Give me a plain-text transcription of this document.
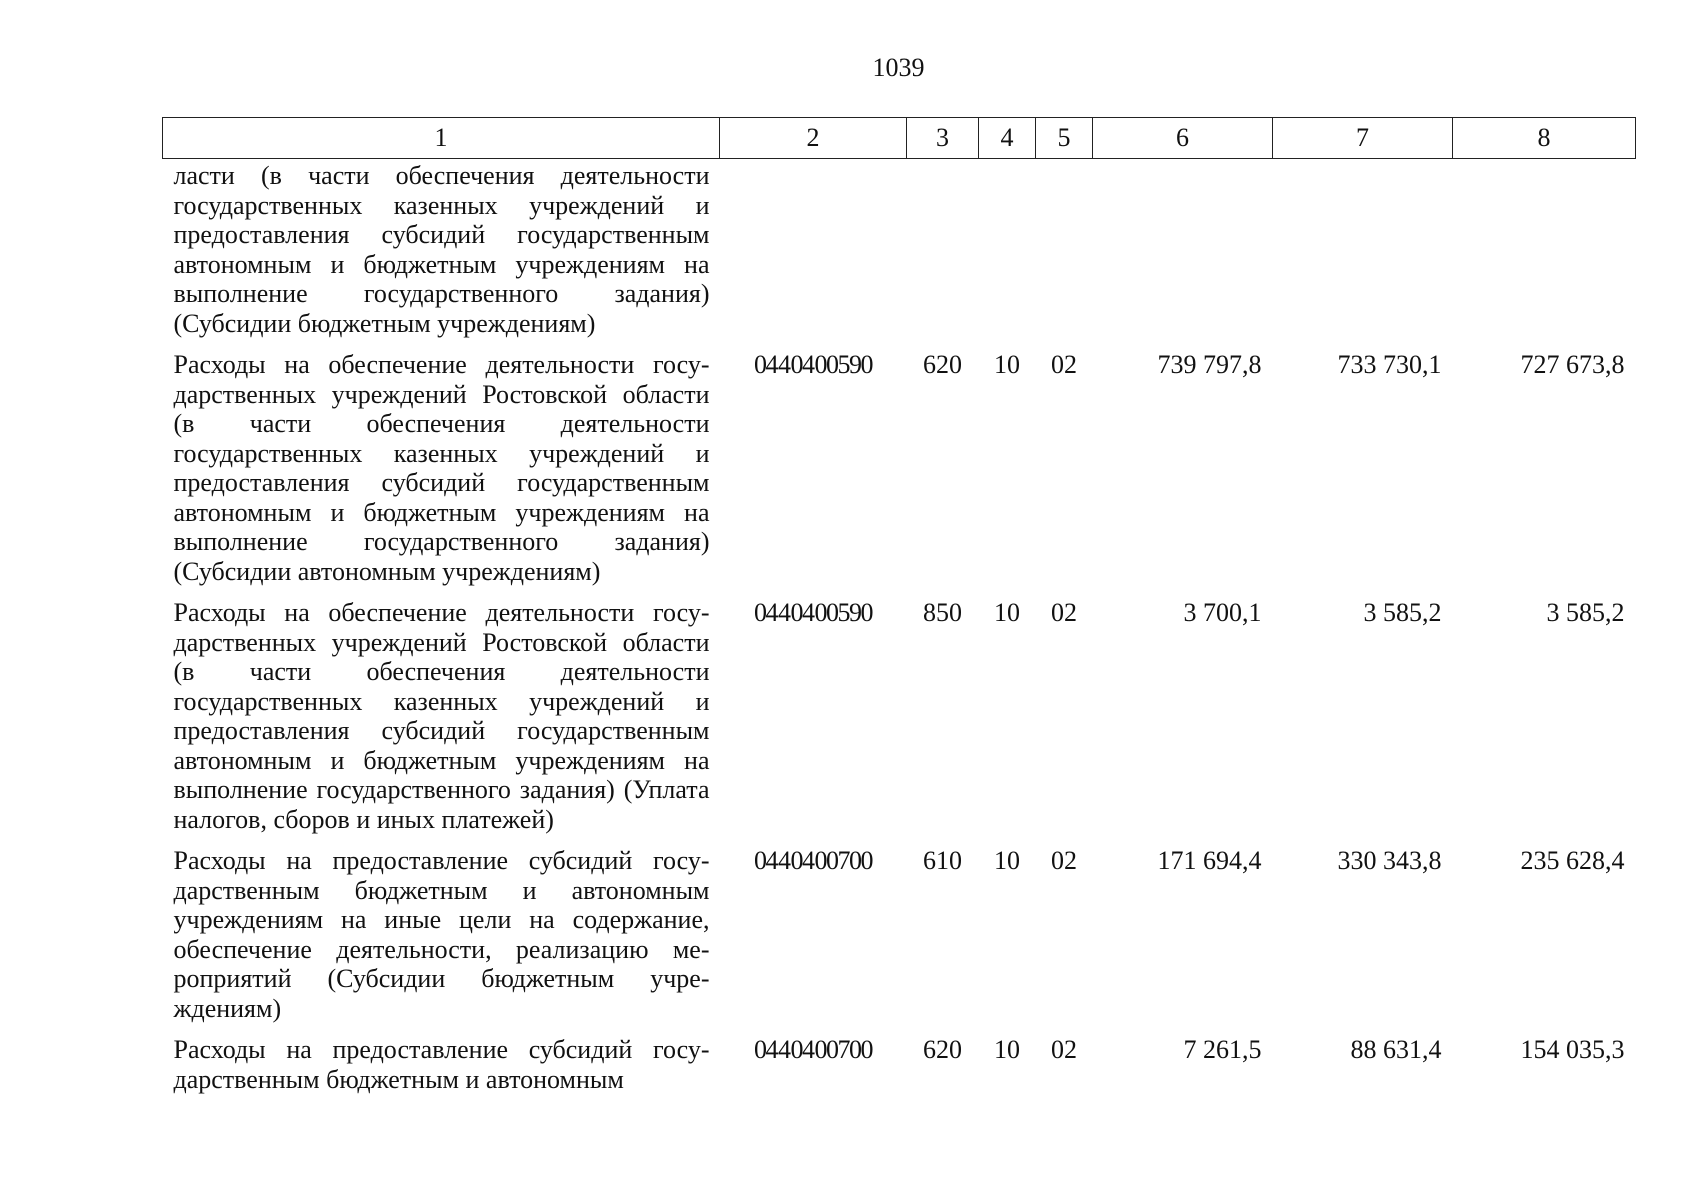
1039
1	2	3	4	5	6	7	8
ласти (в части обеспечения деятельности государственных казенных учреждений и предоставления субсидий государственным автономным и бюджетным учреждениям на выполнение государственного задания) (Субсидии бюджетным учреждениям)							
Расходы на обеспечение деятельности государственных учреждений Ростовской области (в части обеспечения деятельности государственных казенных учреждений и предоставления субсидий государственным автономным и бюджетным учреждениям на выполнение государственного задания) (Субсидии автономным учреждениям)	04 4 04 00590	620	10	02	739 797,8	733 730,1	727 673,8
Расходы на обеспечение деятельности государственных учреждений Ростовской области (в части обеспечения деятельности государственных казенных учреждений и предоставления субсидий государственным автономным и бюджетным учреждениям на выполнение государственного задания) (Уплата налогов, сборов и иных платежей)	04 4 04 00590	850	10	02	3 700,1	3 585,2	3 585,2
Расходы на предоставление субсидий государственным бюджетным и автономным учреждениям на иные цели на содержание, обеспечение деятельности, реализацию мероприятий (Субсидии бюджетным учреждениям)	04 4 04 00700	610	10	02	171 694,4	330 343,8	235 628,4
Расходы на предоставление субсидий государственным бюджетным и автономным	04 4 04 00700	620	10	02	7 261,5	88 631,4	154 035,3
